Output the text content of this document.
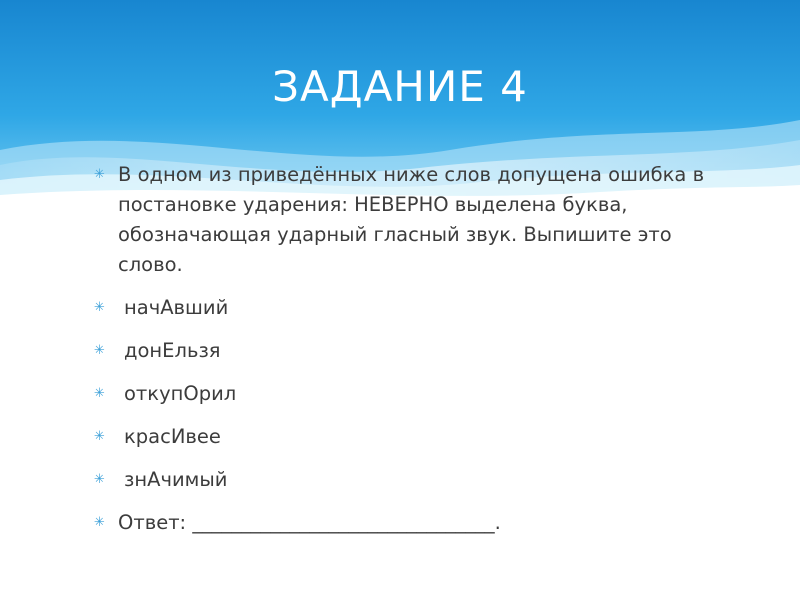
ЗАДАНИЕ 4
✳ В одном из приведённых ниже слов допущена ошибка в постановке ударения: НЕВЕРНО выделена буква, обозначающая ударный гласный звук. Выпишите это слово.
✳ начАвший
✳ донЕльзя
✳ откупОрил
✳ красИвее
✳ знАчимый
✳ Ответ: _______________________________.
